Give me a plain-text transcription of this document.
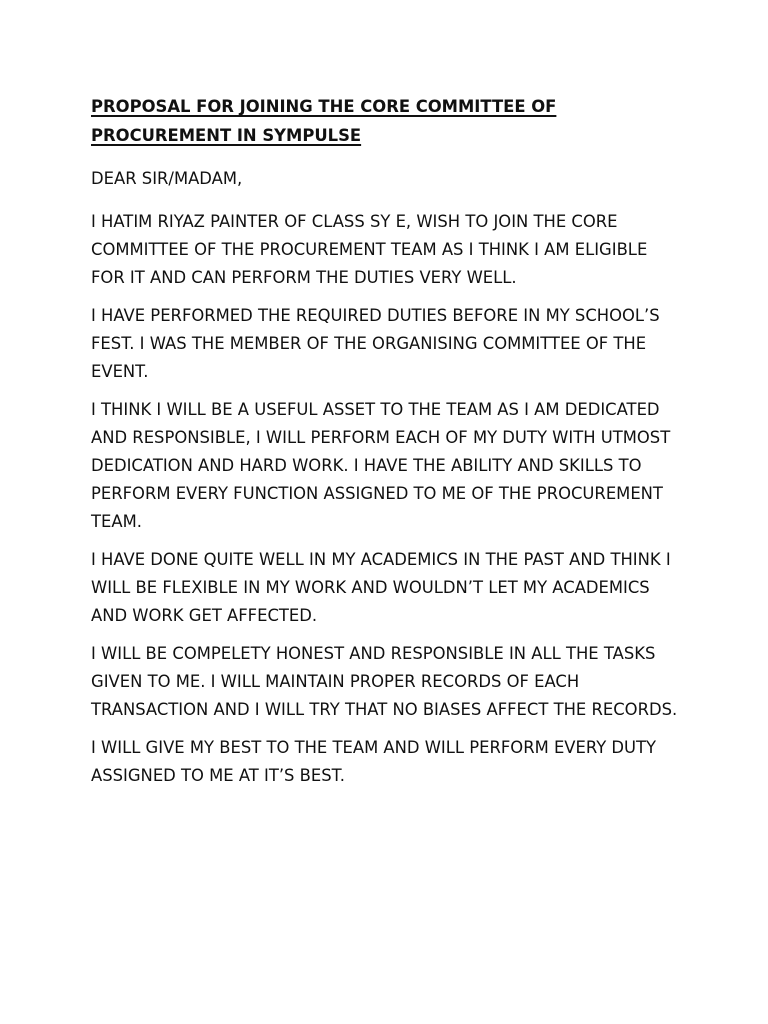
PROPOSAL FOR JOINING THE CORE COMMITTEE OF
PROCUREMENT IN SYMPULSE
DEAR SIR/MADAM,
I HATIM RIYAZ PAINTER OF CLASS SY E, WISH TO JOIN THE CORE
COMMITTEE OF THE PROCUREMENT TEAM AS I THINK I AM ELIGIBLE
FOR IT AND CAN PERFORM THE DUTIES VERY WELL.
I HAVE PERFORMED THE REQUIRED DUTIES BEFORE IN MY SCHOOL’S
FEST. I WAS THE MEMBER OF THE ORGANISING COMMITTEE OF THE
EVENT.
I THINK I WILL BE A USEFUL ASSET TO THE TEAM AS I AM DEDICATED
AND RESPONSIBLE, I WILL PERFORM EACH OF MY DUTY WITH UTMOST
DEDICATION AND HARD WORK. I HAVE THE ABILITY AND SKILLS TO
PERFORM EVERY FUNCTION ASSIGNED TO ME OF THE PROCUREMENT
TEAM.
I HAVE DONE QUITE WELL IN MY ACADEMICS IN THE PAST AND THINK I
WILL BE FLEXIBLE IN MY WORK AND WOULDN’T LET MY ACADEMICS
AND WORK GET AFFECTED.
I WILL BE COMPELETY HONEST AND RESPONSIBLE IN ALL THE TASKS
GIVEN TO ME. I WILL MAINTAIN PROPER RECORDS OF EACH
TRANSACTION AND I WILL TRY THAT NO BIASES AFFECT THE RECORDS.
I WILL GIVE MY BEST TO THE TEAM AND WILL PERFORM EVERY DUTY
ASSIGNED TO ME AT IT’S BEST.
